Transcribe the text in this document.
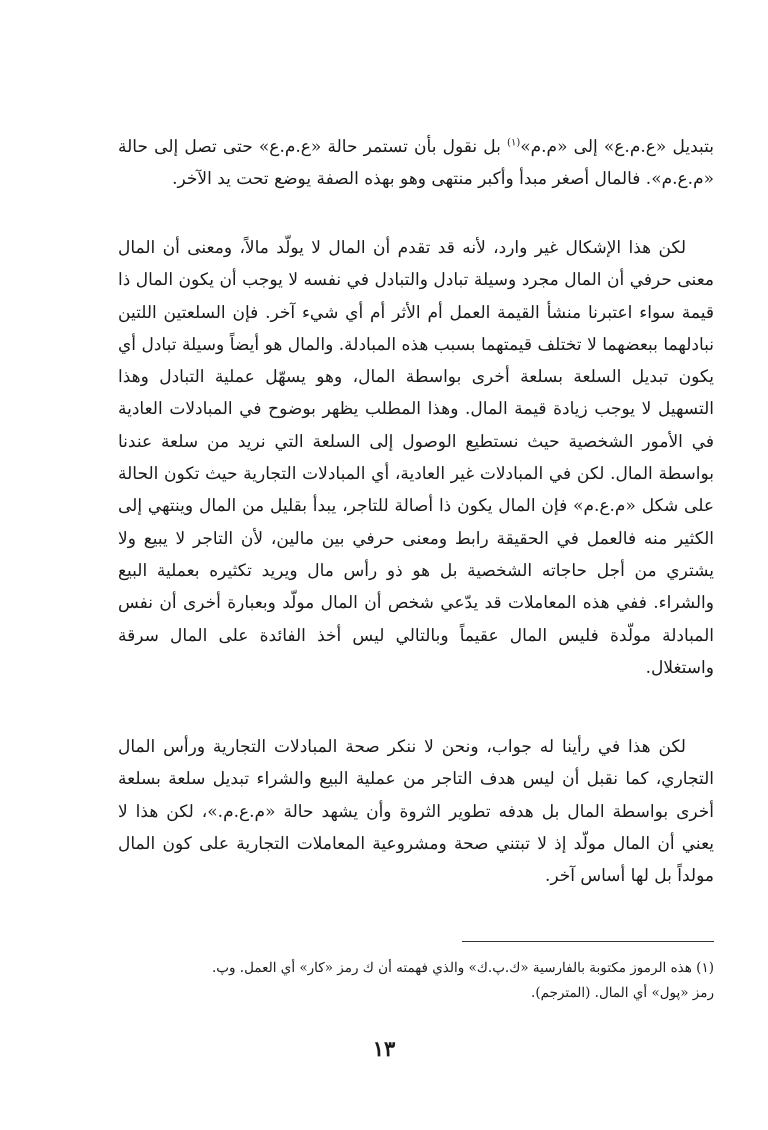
بتبديل «ع.م.ع» إلى «م.م»$^{(١)}$ بل نقول بأن تستمر حالة «ع.م.ع» حتى تصل إلى حالة «م.ع.م». فالمال أصغر مبدأ وأكبر منتهى وهو بهذه الصفة يوضع تحت يد الآخر.

لكن هذا الإشكال غير وارد، لأنه قد تقدم أن المال لا يولّد مالاً، ومعنى أن المال معنى حرفي أن المال مجرد وسيلة تبادل والتبادل في نفسه لا يوجب أن يكون المال ذا قيمة سواء اعتبرنا منشأ القيمة العمل أم الأثر أم أي شيء آخر. فإن السلعتين اللتين نبادلهما ببعضهما لا تختلف قيمتهما بسبب هذه المبادلة. والمال هو أيضاً وسيلة تبادل أي يكون تبديل السلعة بسلعة أخرى بواسطة المال، وهو يسهّل عملية التبادل وهذا التسهيل لا يوجب زيادة قيمة المال. وهذا المطلب يظهر بوضوح في المبادلات العادية في الأمور الشخصية حيث نستطيع الوصول إلى السلعة التي نريد من سلعة عندنا بواسطة المال. لكن في المبادلات غير العادية، أي المبادلات التجارية حيث تكون الحالة على شكل «م.ع.م» فإن المال يكون ذا أصالة للتاجر، يبدأ بقليل من المال وينتهي إلى الكثير منه فالعمل في الحقيقة رابط ومعنى حرفي بين مالين، لأن التاجر لا يبيع ولا يشتري من أجل حاجاته الشخصية بل هو ذو رأس مال ويريد تكثيره بعملية البيع والشراء. ففي هذه المعاملات قد يدّعي شخص أن المال مولّد وبعبارة أخرى أن نفس المبادلة مولّدة فليس المال عقيماً وبالتالي ليس أخذ الفائدة على المال سرقة واستغلال.

لكن هذا في رأينا له جواب، ونحن لا ننكر صحة المبادلات التجارية ورأس المال التجاري، كما نقبل أن ليس هدف التاجر من عملية البيع والشراء تبديل سلعة بسلعة أخرى بواسطة المال بل هدفه تطوير الثروة وأن يشهد حالة «م.ع.م.»، لكن هذا لا يعني أن المال مولّد إذ لا تبتني صحة ومشروعية المعاملات التجارية على كون المال مولداً بل لها أساس آخر.

(١) هذه الرموز مكتوبة بالفارسية «ك.پ.ك» والذي فهمته أن ك رمز «كار» أي العمل. وپ.

رمز «پول» أي المال. (المترجم).

١٣
